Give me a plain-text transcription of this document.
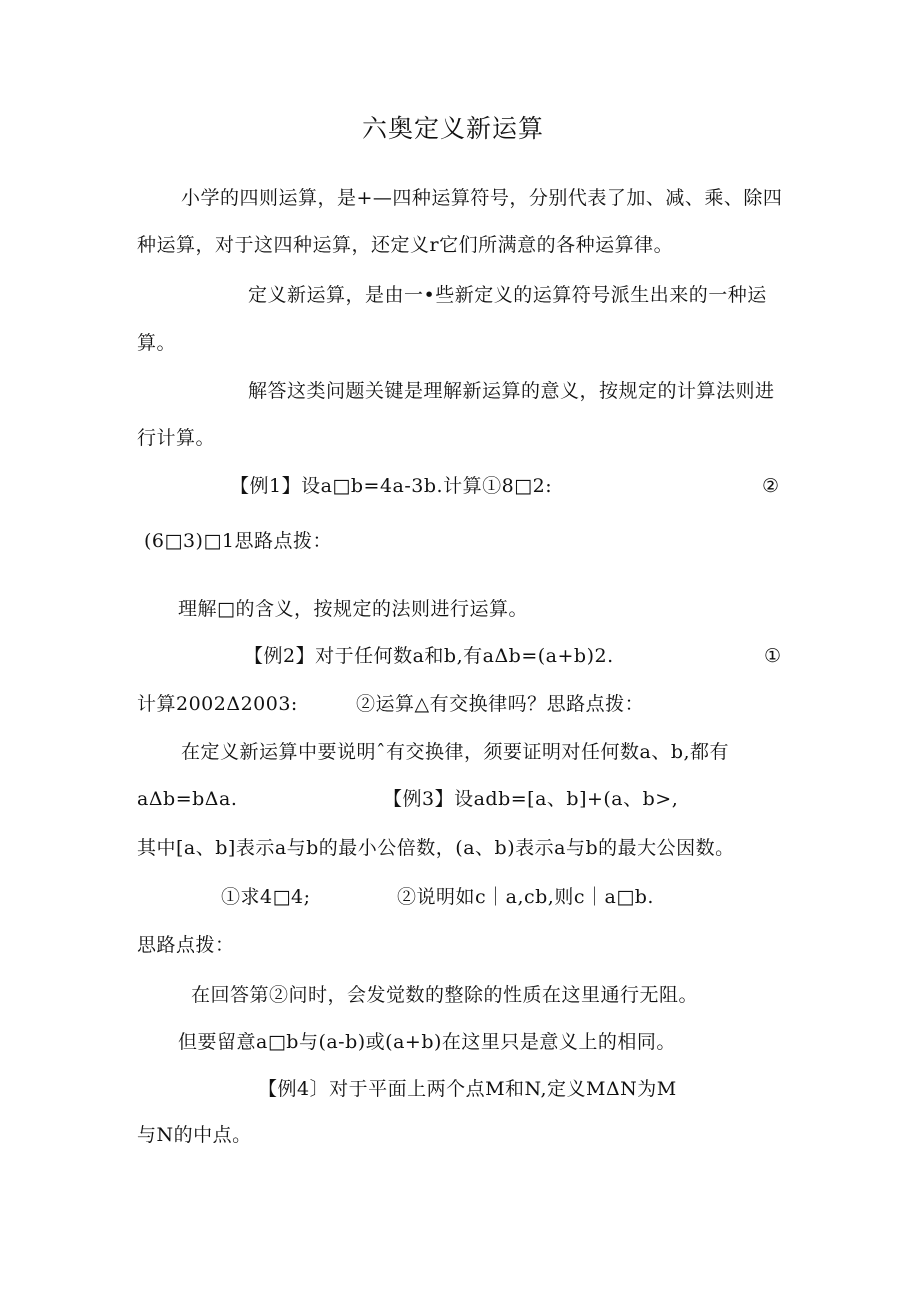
六奥定义新运算
小学的四则运算，是+—四种运算符号，分别代表了加、减、乘、除四
种运算，对于这四种运算，还定义r它们所满意的各种运算律。
定义新运算，是由一•些新定义的运算符号派生出来的一种运
算。
解答这类问题关键是理解新运算的意义，按规定的计算法则进
行计算。
【例1】设a□b=4a-3b.计算①8□2:	②
(6□3)□1思路点拨：
理解□的含义，按规定的法则进行运算。
【例2】对于任何数a和b,有aΔb=(a+b)2.	①
计算2002Δ2003:	②运算△有交换律吗？思路点拨：
在定义新运算中要说明ˆ有交换律，须要证明对任何数a、b,都有
aΔb=bΔa.	【例3】设adb=[a、b]+(a、b>,
其中[a、b]表示a与b的最小公倍数，(a、b)表示a与b的最大公因数。
①求4□4;	②说明如c｜a,cb,则c｜a□b.
思路点拨：
在回答第②问时，会发觉数的整除的性质在这里通行无阻。
但要留意a□b与(a-b)或(a+b)在这里只是意义上的相同。
【例4〕对于平面上两个点M和N,定义MΔN为M
与N的中点。
